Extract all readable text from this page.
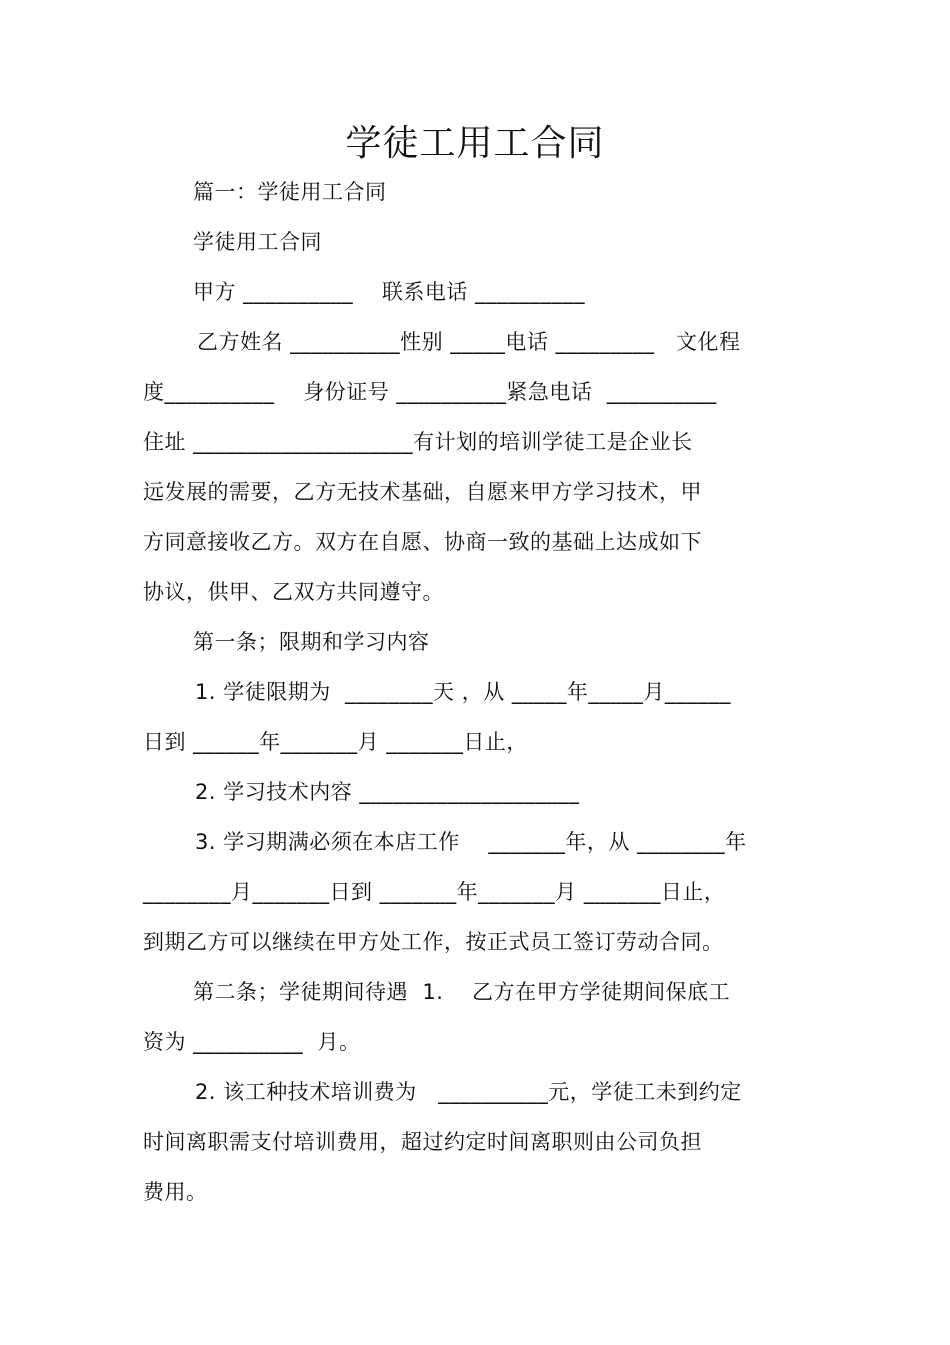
学徒工用工合同
篇一：学徒用工合同
学徒用工合同
甲方 __________    联系电话 __________
乙方姓名 __________性别 _____电话 _________   文化程
度__________    身份证号 __________紧急电话  __________
住址 ____________________有计划的培训学徒工是企业长
远发展的需要，乙方无技术基础，自愿来甲方学习技术，甲
方同意接收乙方。双方在自愿、协商一致的基础上达成如下
协议，供甲、乙双方共同遵守。
第一条；限期和学习内容
1. 学徒限期为  ________天 ，从 _____年_____月______
日到 ______年_______月 _______日止，
2. 学习技术内容 ____________________
3. 学习期满必须在本店工作    _______年，从 ________年
________月_______日到 _______年_______月 _______日止，
到期乙方可以继续在甲方处工作，按正式员工签订劳动合同。
第二条；学徒期间待遇  1.    乙方在甲方学徒期间保底工
资为 __________  月。
2. 该工种技术培训费为   __________元，学徒工未到约定
时间离职需支付培训费用，超过约定时间离职则由公司负担
费用。
